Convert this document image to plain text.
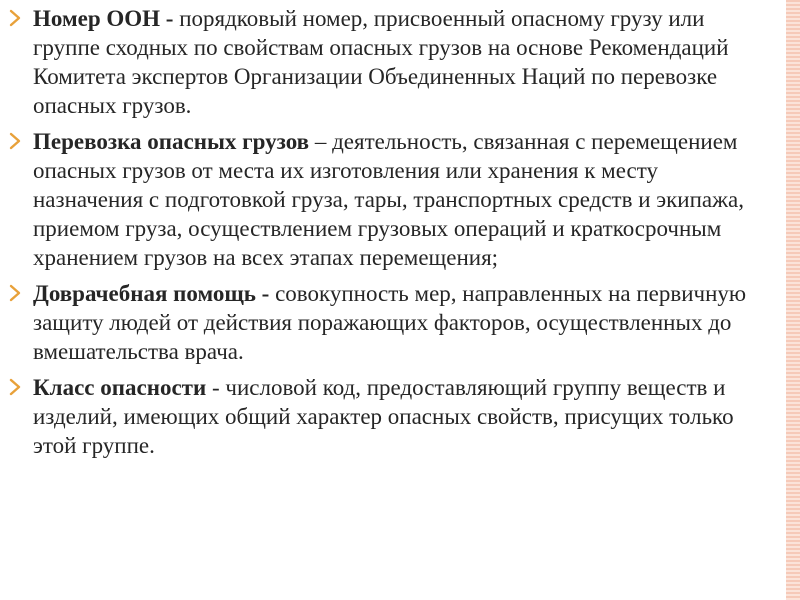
Номер ООН - порядковый номер, присвоенный опасному грузу или группе сходных по свойствам опасных грузов на основе Рекомендаций Комитета экспертов Организации Объединенных Наций по перевозке опасных грузов.
Перевозка опасных грузов – деятельность, связанная с перемещением опасных грузов от места их изготовления или хранения к месту назначения с подготовкой груза, тары, транспортных средств и экипажа, приемом груза, осуществлением грузовых операций и краткосрочным хранением грузов на всех этапах перемещения;
Доврачебная помощь - совокупность мер, направленных на первичную защиту людей от действия поражающих факторов, осуществленных до вмешательства врача.
Класс опасности - числовой код, предоставляющий группу веществ и изделий, имеющих общий характер опасных свойств, присущих только этой группе.
